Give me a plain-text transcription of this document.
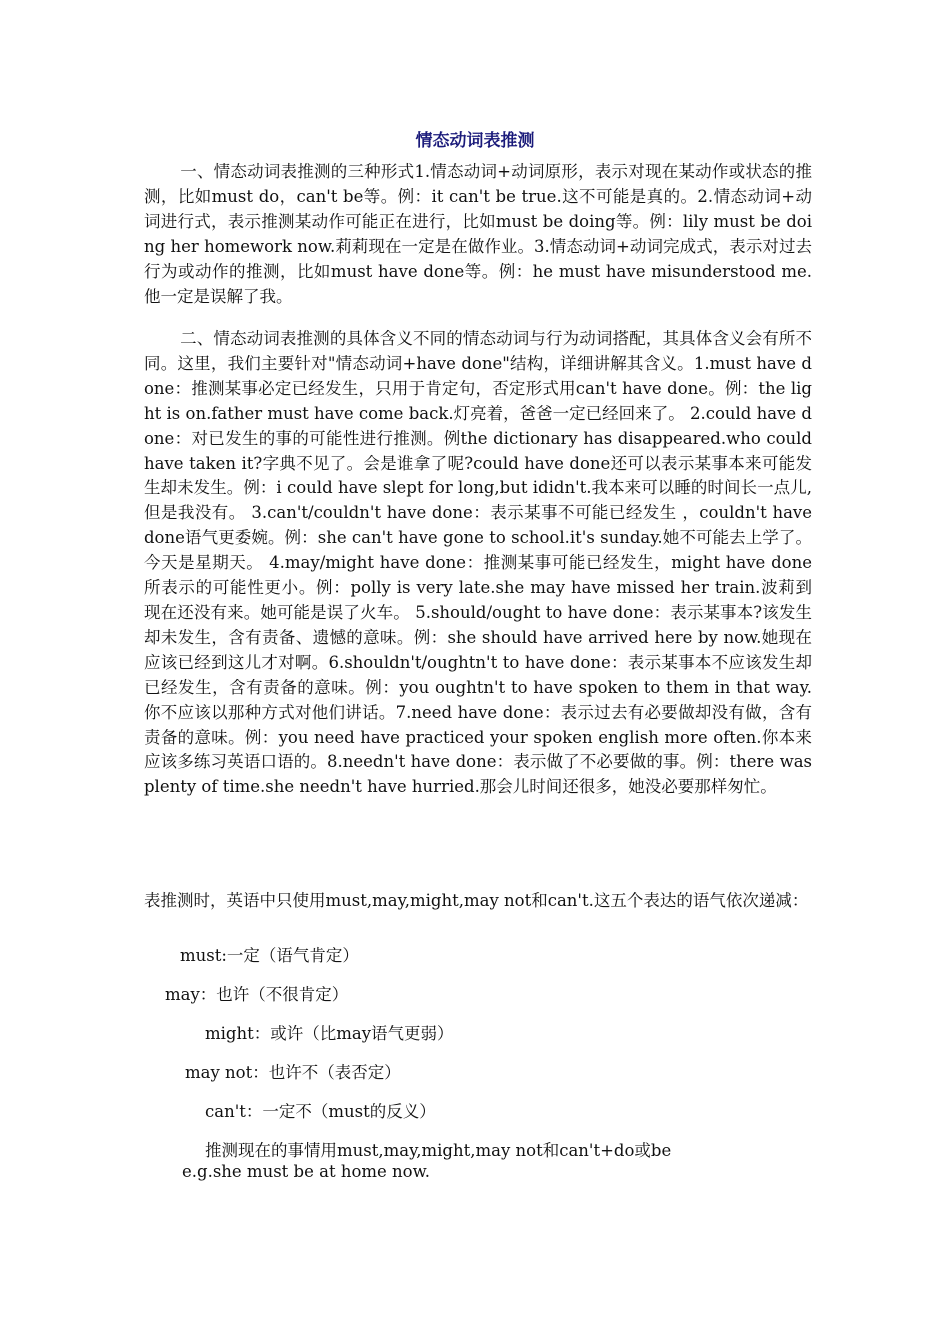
情态动词表推测
一、情态动词表推测的三种形式1.情态动词+动词原形，表示对现在某动作或状态的推测，比如must do，can't be等。例：it can't be true.这不可能是真的。2.情态动词+动词进行式，表示推测某动作可能正在进行，比如must be doing等。例：lily must be doing her homework now.莉莉现在一定是在做作业。3.情态动词+动词完成式，表示对过去行为或动作的推测，比如must have done等。例：he must have misunderstood me.他一定是误解了我。
二、情态动词表推测的具体含义不同的情态动词与行为动词搭配，其具体含义会有所不同。这里，我们主要针对"情态动词+have done"结构，详细讲解其含义。1.must have done：推测某事必定已经发生，只用于肯定句，否定形式用can't have done。例：the light is on.father must have come back.灯亮着，爸爸一定已经回来了。 2.could have done：对已发生的事的可能性进行推测。例the dictionary has disappeared.who could have taken it?字典不见了。会是谁拿了呢?could have done还可以表示某事本来可能发生却未发生。例：i could have slept for long,but ididn't.我本来可以睡的时间长一点儿,但是我没有。 3.can't/couldn't have done：表示某事不可能已经发生 ，couldn't have done语气更委婉。例：she can't have gone to school.it's sunday.她不可能去上学了。今天是星期天。 4.may/might have done：推测某事可能已经发生，might have done所表示的可能性更小。例：polly is very late.she may have missed her train.波莉到现在还没有来。她可能是误了火车。 5.should/ought to have done：表示某事本?该发生却未发生，含有责备、遗憾的意味。例：she should have arrived here by now.她现在应该已经到这儿才对啊。6.shouldn't/oughtn't to have done：表示某事本不应该发生却已经发生，含有责备的意味。例：you oughtn't to have spoken to them in that way.你不应该以那种方式对他们讲话。7.need have done：表示过去有必要做却没有做，含有责备的意味。例：you need have practiced your spoken english more often.你本来应该多练习英语口语的。8.needn't have done：表示做了不必要做的事。例：there was plenty of time.she needn't have hurried.那会儿时间还很多，她没必要那样匆忙。
表推测时，英语中只使用must,may,might,may not和can't.这五个表达的语气依次递减：
must:一定（语气肯定）
may：也许（不很肯定）
might：或许（比may语气更弱）
may not：也许不（表否定）
can't：一定不（must的反义）
推测现在的事情用must,may,might,may not和can't+do或be
e.g.she must be at home now.
